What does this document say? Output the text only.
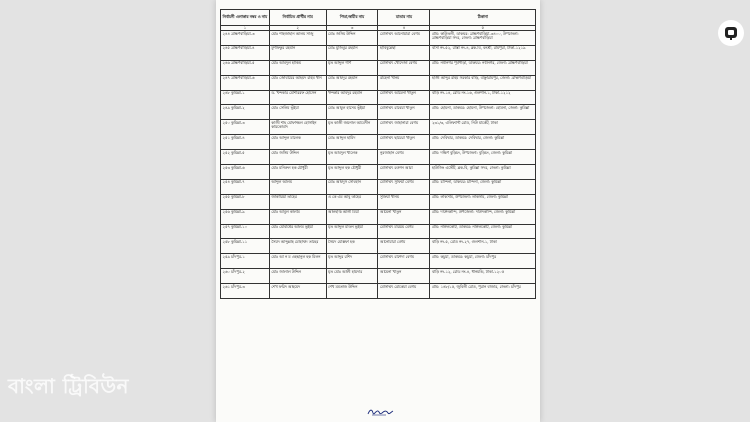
নির্বাচনী এলাকার নম্বর ও নাম	নির্বাচিত প্রার্থীর নাম	পিতা/স্বামীর নাম	মাতার নাম	ঠিকানা
১	২	৩	৪	৫
২৪৪ ব্রাহ্মণবাড়িয়া-৩	মোঃ শাহজাহান আলম সাজু	মোঃ জসিম উদ্দিন	মোসাম্মৎ আনোয়ারা বেগম	গ্রাম: কাউতলী, ডাকঘর: ব্রাহ্মণবাড়িয়া-৩৪০০, উপজেলা: ব্রাহ্মণবাড়িয়া সদর, জেলা: ব্রাহ্মণবাড়িয়া
২৪৫ ব্রাহ্মণবাড়িয়া-৪	মুশফিকুর রহমান	মোঃ মুজিবুর রহমান	হাবিবুন্নেছা	বাসা নং-৫২, রাস্তা নং-৪, ব্লক-বি, বনশ্রী, রামপুরা, ঢাকা-১২১৯
২৪৬ ব্রাহ্মণবাড়িয়া-৫	মোঃ আবদুল হাকিম	মৃত আব্দুল গণি	মোসাম্মৎ খোদেজা বেগম	গ্রাম: নবীনগর পূর্বপাড়া, ডাকঘর: নবীনগর, জেলা: ব্রাহ্মণবাড়িয়া
২৪৭ ব্রাহ্মণবাড়িয়া-৬	মোঃ জোবায়ের আহমদ রহিম খান	মোঃ আবদুর রহমান	রাহেনা খানম	হাজী আব্দুর রহিম সরকার বাড়ি, বাঞ্ছারামপুর, জেলা: ব্রাহ্মণবাড়িয়া
২৪৮ কুমিল্লা-১	ড. খন্দকার মোশাররফ হোসেন	খন্দকার আবদুর রহমান	মোসাম্মৎ আমেনা খাতুন	বাড়ি নং-১৪, রোড নং-১৬, গুলশান-১, ঢাকা-১২১২
২৪৯ কুমিল্লা-২	মোঃ সেলিম ভূঁইয়া	মোঃ আবুল হাসেম ভূঁইয়া	মোসাম্মৎ রাবেয়া খাতুন	গ্রাম: হোমনা, ডাকঘর: হোমনা, উপজেলা: হোমনা, জেলা: কুমিল্লা
২৫০ কুমিল্লা-৩	কাজী শাহ মোফাজ্জল হোসাইন কায়কোবাদ	মৃত কাজী জয়নাল আবেদীন	মোসাম্মৎ জাহানারা বেগম	২৩১/৩, এলিফ্যান্ট রোড, নিউ মার্কেট, ঢাকা
২৫১ কুমিল্লা-৪	মোঃ আব্দুল মালেক	মোঃ আব্দুল হামিদ	মোসাম্মৎ ছায়েরা খাতুন	গ্রাম: দেবিদ্বার, ডাকঘর: দেবিদ্বার, জেলা: কুমিল্লা
২৫২ কুমিল্লা-৫	মোঃ জসিম উদ্দিন	মৃত আবদুল খালেক	নুরজাহান বেগম	গ্রাম: দক্ষিণ বুড়িচং, উপজেলা: বুড়িচং, জেলা: কুমিল্লা
২৫৩ কুমিল্লা-৬	মোঃ মনিরুল হক চৌধুরী	মৃত আব্দুল হক চৌধুরী	মোসাম্মৎ রওশন আরা	হাউজিং এস্টেট, ব্লক-বি, কুমিল্লা সদর, জেলা: কুমিল্লা
২৫৪ কুমিল্লা-৭	আব্দুল আলম	মোঃ আবদুস সোবহান	মোসাম্মৎ সুফিয়া বেগম	গ্রাম: চান্দিনা, ডাকঘর: চান্দিনা, জেলা: কুমিল্লা
২৫৫ কুমিল্লা-৮	জাকারিয়া তাহের	এ কে এম আবু তাহের	সুফিয়া খানম	গ্রাম: লাকসাম, উপজেলা: লাকসাম, জেলা: কুমিল্লা
২৫৬ কুমিল্লা-৯	মোঃ আবুল কালাম	আলহাজ্ব আলী মিয়া	আমেনা খাতুন	গ্রাম: দাউদকান্দি, উপজেলা: দাউদকান্দি, জেলা: কুমিল্লা
২৫৭ কুমিল্লা-১০	মোঃ মোবাশ্বের আলম ভূঁইয়া	মৃত আব্দুল মতিন ভূঁইয়া	মোসাম্মৎ মরিয়ম বেগম	গ্রাম: নাঙ্গলকোট, ডাকঘর: নাঙ্গলকোট, জেলা: কুমিল্লা
২৫৮ কুমিল্লা-১১	সৈয়দ আব্দুল্লাহ মোহাম্মদ তাহের	সৈয়দ মোস্তফা হক	আনোয়ারা বেগম	বাড়ি নং-৫, রোড নং-২৭, গুলশান-১, ঢাকা
২৫৯ চাঁদপুর-১	মোঃ আ ন ম এহছানুল হক মিলন	মৃত আব্দুর রশিদ	মোসাম্মৎ রাশেদা বেগম	গ্রাম: কচুয়া, ডাকঘর: কচুয়া, জেলা: চাঁদপুর
২৬০ চাঁদপুর-২	মোঃ জালাল উদ্দিন	মৃত মোঃ আলী হায়দার	আমেনা খাতুন	বাড়ি নং-১২, রোড নং-৪, ধানমন্ডি, ঢাকা-১২০৫
২৬১ চাঁদপুর-৩	শেখ ফরিদ আহমেদ	শেখ মমতাজ উদ্দিন	মোসাম্মৎ রোকেয়া বেগম	গ্রাম: ১৪৮/১৫, জুবিলী রোড, পুরান বাজার, জেলা: চাঁদপুর
বাংলা ট্রিবিউন
